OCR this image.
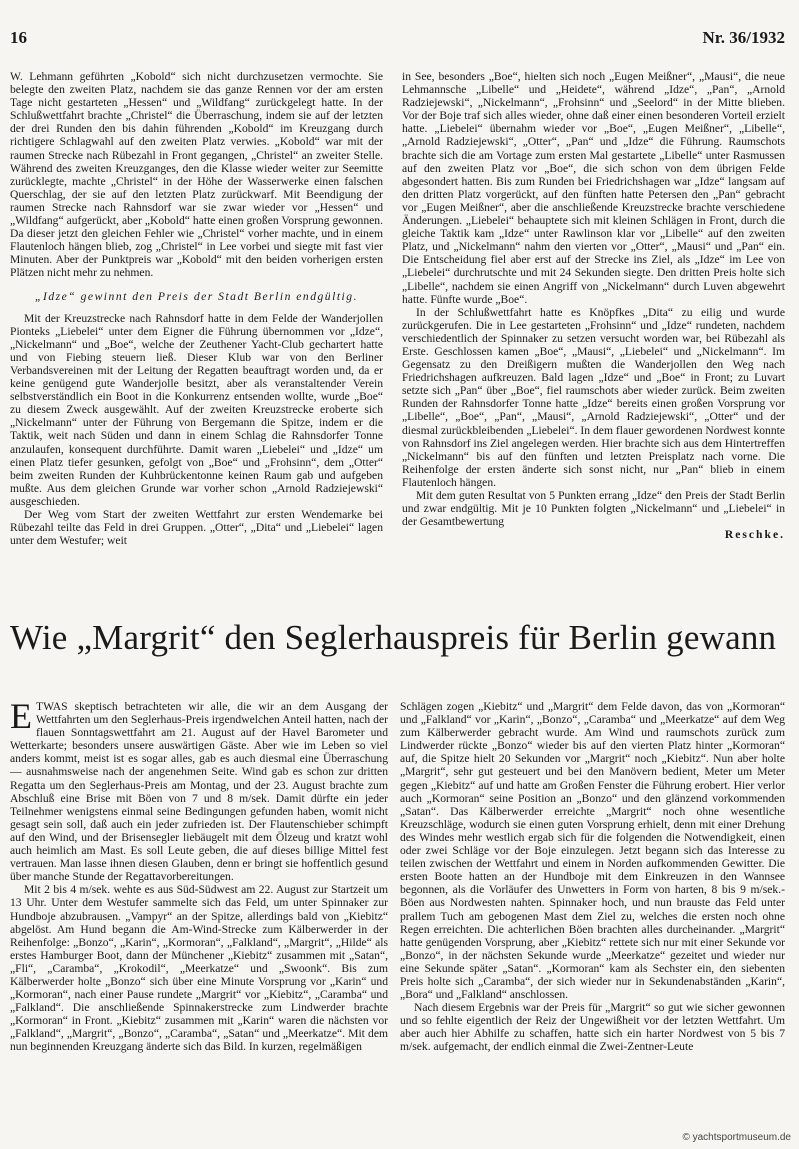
16	Nr. 36/1932

W. Lehmann geführten „Kobold“ sich nicht durchzusetzen vermochte. Sie belegte den zweiten Platz, nachdem sie das ganze Rennen vor der am ersten Tage nicht gestarteten „Hessen“ und „Wildfang“ zurückgelegt hatte. In der Schlußwettfahrt brachte „Christel“ die Überraschung, indem sie auf der letzten der drei Runden den bis dahin führenden „Kobold“ im Kreuzgang durch richtigere Schlagwahl auf den zweiten Platz verwies. „Kobold“ war mit der raumen Strecke nach Rübezahl in Front gegangen, „Christel“ an zweiter Stelle. Während des zweiten Kreuzganges, den die Klasse wieder weiter zur Seemitte zurücklegte, machte „Christel“ in der Höhe der Wasserwerke einen falschen Querschlag, der sie auf den letzten Platz zurückwarf. Mit Beendigung der raumen Strecke nach Rahnsdorf war sie zwar wieder vor „Hessen“ und „Wildfang“ aufgerückt, aber „Kobold“ hatte einen großen Vorsprung gewonnen. Da dieser jetzt den gleichen Fehler wie „Christel“ vorher machte, und in einem Flautenloch hängen blieb, zog „Christel“ in Lee vorbei und siegte mit fast vier Minuten. Aber der Punktpreis war „Kobold“ mit den beiden vorherigen ersten Plätzen nicht mehr zu nehmen.

„Idze“ gewinnt den Preis der Stadt Berlin endgültig.

Mit der Kreuzstrecke nach Rahnsdorf hatte in dem Felde der Wanderjollen Pionteks „Liebelei“ unter dem Eigner die Führung übernommen vor „Idze“, „Nickelmann“ und „Boe“, welche der Zeuthener Yacht-Club gechartert hatte und von Fiebing steuern ließ. Dieser Klub war von den Berliner Verbandsvereinen mit der Leitung der Regatten beauftragt worden und, da er keine genügend gute Wanderjolle besitzt, aber als veranstaltender Verein selbstverständlich ein Boot in die Konkurrenz entsenden wollte, wurde „Boe“ zu diesem Zweck ausgewählt. Auf der zweiten Kreuzstrecke eroberte sich „Nickelmann“ unter der Führung von Bergemann die Spitze, indem er die Taktik, weit nach Süden und dann in einem Schlag die Rahnsdorfer Tonne anzulaufen, konsequent durchführte. Damit waren „Liebelei“ und „Idze“ um einen Platz tiefer gesunken, gefolgt von „Boe“ und „Frohsinn“, dem „Otter“ beim zweiten Runden der Kuhbrückentonne keinen Raum gab und aufgeben mußte. Aus dem gleichen Grunde war vorher schon „Arnold Radziejewski“ ausgeschieden.

Der Weg vom Start der zweiten Wettfahrt zur ersten Wendemarke bei Rübezahl teilte das Feld in drei Gruppen. „Otter“, „Dita“ und „Liebelei“ lagen unter dem Westufer; weit

in See, besonders „Boe“, hielten sich noch „Eugen Meißner“, „Mausi“, die neue Lehmannsche „Libelle“ und „Heidete“, während „Idze“, „Pan“, „Arnold Radziejewski“, „Nickelmann“, „Frohsinn“ und „Seelord“ in der Mitte blieben. Vor der Boje traf sich alles wieder, ohne daß einer einen besonderen Vorteil erzielt hatte. „Liebelei“ übernahm wieder vor „Boe“, „Eugen Meißner“, „Libelle“, „Arnold Radziejewski“, „Otter“, „Pan“ und „Idze“ die Führung. Raumschots brachte sich die am Vortage zum ersten Mal gestartete „Libelle“ unter Rasmussen auf den zweiten Platz vor „Boe“, die sich schon von dem übrigen Felde abgesondert hatten. Bis zum Runden bei Friedrichshagen war „Idze“ langsam auf den dritten Platz vorgerückt, auf den fünften hatte Petersen den „Pan“ gebracht vor „Eugen Meißner“, aber die anschließende Kreuzstrecke brachte verschiedene Änderungen. „Liebelei“ behauptete sich mit kleinen Schlägen in Front, durch die gleiche Taktik kam „Idze“ unter Rawlinson klar vor „Libelle“ auf den zweiten Platz, und „Nickelmann“ nahm den vierten vor „Otter“, „Mausi“ und „Pan“ ein. Die Entscheidung fiel aber erst auf der Strecke ins Ziel, als „Idze“ im Lee von „Liebelei“ durchrutschte und mit 24 Sekunden siegte. Den dritten Preis holte sich „Libelle“, nachdem sie einen Angriff von „Nickelmann“ durch Luven abgewehrt hatte. Fünfte wurde „Boe“.

In der Schlußwettfahrt hatte es Knöpfkes „Dita“ zu eilig und wurde zurückgerufen. Die in Lee gestarteten „Frohsinn“ und „Idze“ rundeten, nachdem verschiedentlich der Spinnaker zu setzen versucht worden war, bei Rübezahl als Erste. Geschlossen kamen „Boe“, „Mausi“, „Liebelei“ und „Nickelmann“. Im Gegensatz zu den Dreißigern mußten die Wanderjollen den Weg nach Friedrichshagen aufkreuzen. Bald lagen „Idze“ und „Boe“ in Front; zu Luvart setzte sich „Pan“ über „Boe“, fiel raumschots aber wieder zurück. Beim zweiten Runden der Rahnsdorfer Tonne hatte „Idze“ bereits einen großen Vorsprung vor „Libelle“, „Boe“, „Pan“, „Mausi“, „Arnold Radziejewski“, „Otter“ und der diesmal zurückbleibenden „Liebelei“. In dem flauer gewordenen Nordwest konnte von Rahnsdorf ins Ziel angelegen werden. Hier brachte sich aus dem Hintertreffen „Nickelmann“ bis auf den fünften und letzten Preisplatz nach vorne. Die Reihenfolge der ersten änderte sich sonst nicht, nur „Pan“ blieb in einem Flautenloch hängen.

Mit dem guten Resultat von 5 Punkten errang „Idze“ den Preis der Stadt Berlin und zwar endgültig. Mit je 10 Punkten folgten „Nickelmann“ und „Liebelei“ in der Gesamtbewertung

Reschke.

Wie „Margrit“ den Seglerhauspreis für Berlin gewann

ETWAS skeptisch betrachteten wir alle, die wir an dem Ausgang der Wettfahrten um den Seglerhaus-Preis irgendwelchen Anteil hatten, nach der flauen Sonntagswettfahrt am 21. August auf der Havel Barometer und Wetterkarte; besonders unsere auswärtigen Gäste. Aber wie im Leben so viel anders kommt, meist ist es sogar alles, gab es auch diesmal eine Überraschung — ausnahmsweise nach der angenehmen Seite. Wind gab es schon zur dritten Regatta um den Seglerhaus-Preis am Montag, und der 23. August brachte zum Abschluß eine Brise mit Böen von 7 und 8 m/sek. Damit dürfte ein jeder Teilnehmer wenigstens einmal seine Bedingungen gefunden haben, womit nicht gesagt sein soll, daß auch ein jeder zufrieden ist. Der Flautenschieber schimpft auf den Wind, und der Brisensegler liebäugelt mit dem Ölzeug und kratzt wohl auch heimlich am Mast. Es soll Leute geben, die auf dieses billige Mittel fest vertrauen. Man lasse ihnen diesen Glauben, denn er bringt sie hoffentlich gesund über manche Stunde der Regattavorbereitungen.

Mit 2 bis 4 m/sek. wehte es aus Süd-Südwest am 22. August zur Startzeit um 13 Uhr. Unter dem Westufer sammelte sich das Feld, um unter Spinnaker zur Hundboje abzubrausen. „Vampyr“ an der Spitze, allerdings bald von „Kiebitz“ abgelöst. Am Hund begann die Am-Wind-Strecke zum Kälberwerder in der Reihenfolge: „Bonzo“, „Karin“, „Kormoran“, „Falkland“, „Margrit“, „Hilde“ als erstes Hamburger Boot, dann der Münchener „Kiebitz“ zusammen mit „Satan“, „Fli“, „Caramba“, „Krokodil“, „Meerkatze“ und „Swoonk“. Bis zum Kälberwerder holte „Bonzo“ sich über eine Minute Vorsprung vor „Karin“ und „Kormoran“, nach einer Pause rundete „Margrit“ vor „Kiebitz“, „Caramba“ und „Falkland“. Die anschließende Spinnakerstrecke zum Lindwerder brachte „Kormoran“ in Front. „Kiebitz“ zusammen mit „Karin“ waren die nächsten vor „Falkland“, „Margrit“, „Bonzo“, „Caramba“, „Satan“ und „Meerkatze“. Mit dem nun beginnenden Kreuzgang änderte sich das Bild. In kurzen, regelmäßigen

Schlägen zogen „Kiebitz“ und „Margrit“ dem Felde davon, das von „Kormoran“ und „Falkland“ vor „Karin“, „Bonzo“, „Caramba“ und „Meerkatze“ auf dem Weg zum Kälberwerder gebracht wurde. Am Wind und raumschots zurück zum Lindwerder rückte „Bonzo“ wieder bis auf den vierten Platz hinter „Kormoran“ auf, die Spitze hielt 20 Sekunden vor „Margrit“ noch „Kiebitz“. Nun aber holte „Margrit“, sehr gut gesteuert und bei den Manövern bedient, Meter um Meter gegen „Kiebitz“ auf und hatte am Großen Fenster die Führung erobert. Hier verlor auch „Kormoran“ seine Position an „Bonzo“ und den glänzend vorkommenden „Satan“. Das Kälberwerder erreichte „Margrit“ noch ohne wesentliche Kreuzschläge, wodurch sie einen guten Vorsprung erhielt, denn mit einer Drehung des Windes mehr westlich ergab sich für die folgenden die Notwendigkeit, einen oder zwei Schläge vor der Boje einzulegen. Jetzt begann sich das Interesse zu teilen zwischen der Wettfahrt und einem in Norden aufkommenden Gewitter. Die ersten Boote hatten an der Hundboje mit dem Einkreuzen in den Wannsee begonnen, als die Vorläufer des Unwetters in Form von harten, 8 bis 9 m/sek.-Böen aus Nordwesten nahten. Spinnaker hoch, und nun brauste das Feld unter prallem Tuch am gebogenen Mast dem Ziel zu, welches die ersten noch ohne Regen erreichten. Die achterlichen Böen brachten alles durcheinander. „Margrit“ hatte genügenden Vorsprung, aber „Kiebitz“ rettete sich nur mit einer Sekunde vor „Bonzo“, in der nächsten Sekunde wurde „Meerkatze“ gezeitet und wieder nur eine Sekunde später „Satan“. „Kormoran“ kam als Sechster ein, den siebenten Preis holte sich „Caramba“, der sich wieder nur in Sekundenabständen „Karin“, „Bora“ und „Falkland“ anschlossen.

Nach diesem Ergebnis war der Preis für „Margrit“ so gut wie sicher gewonnen und so fehlte eigentlich der Reiz der Ungewißheit vor der letzten Wettfahrt. Um aber auch hier Abhilfe zu schaffen, hatte sich ein harter Nordwest von 5 bis 7 m/sek. aufgemacht, der endlich einmal die Zwei-Zentner-Leute

© yachtsportmuseum.de
